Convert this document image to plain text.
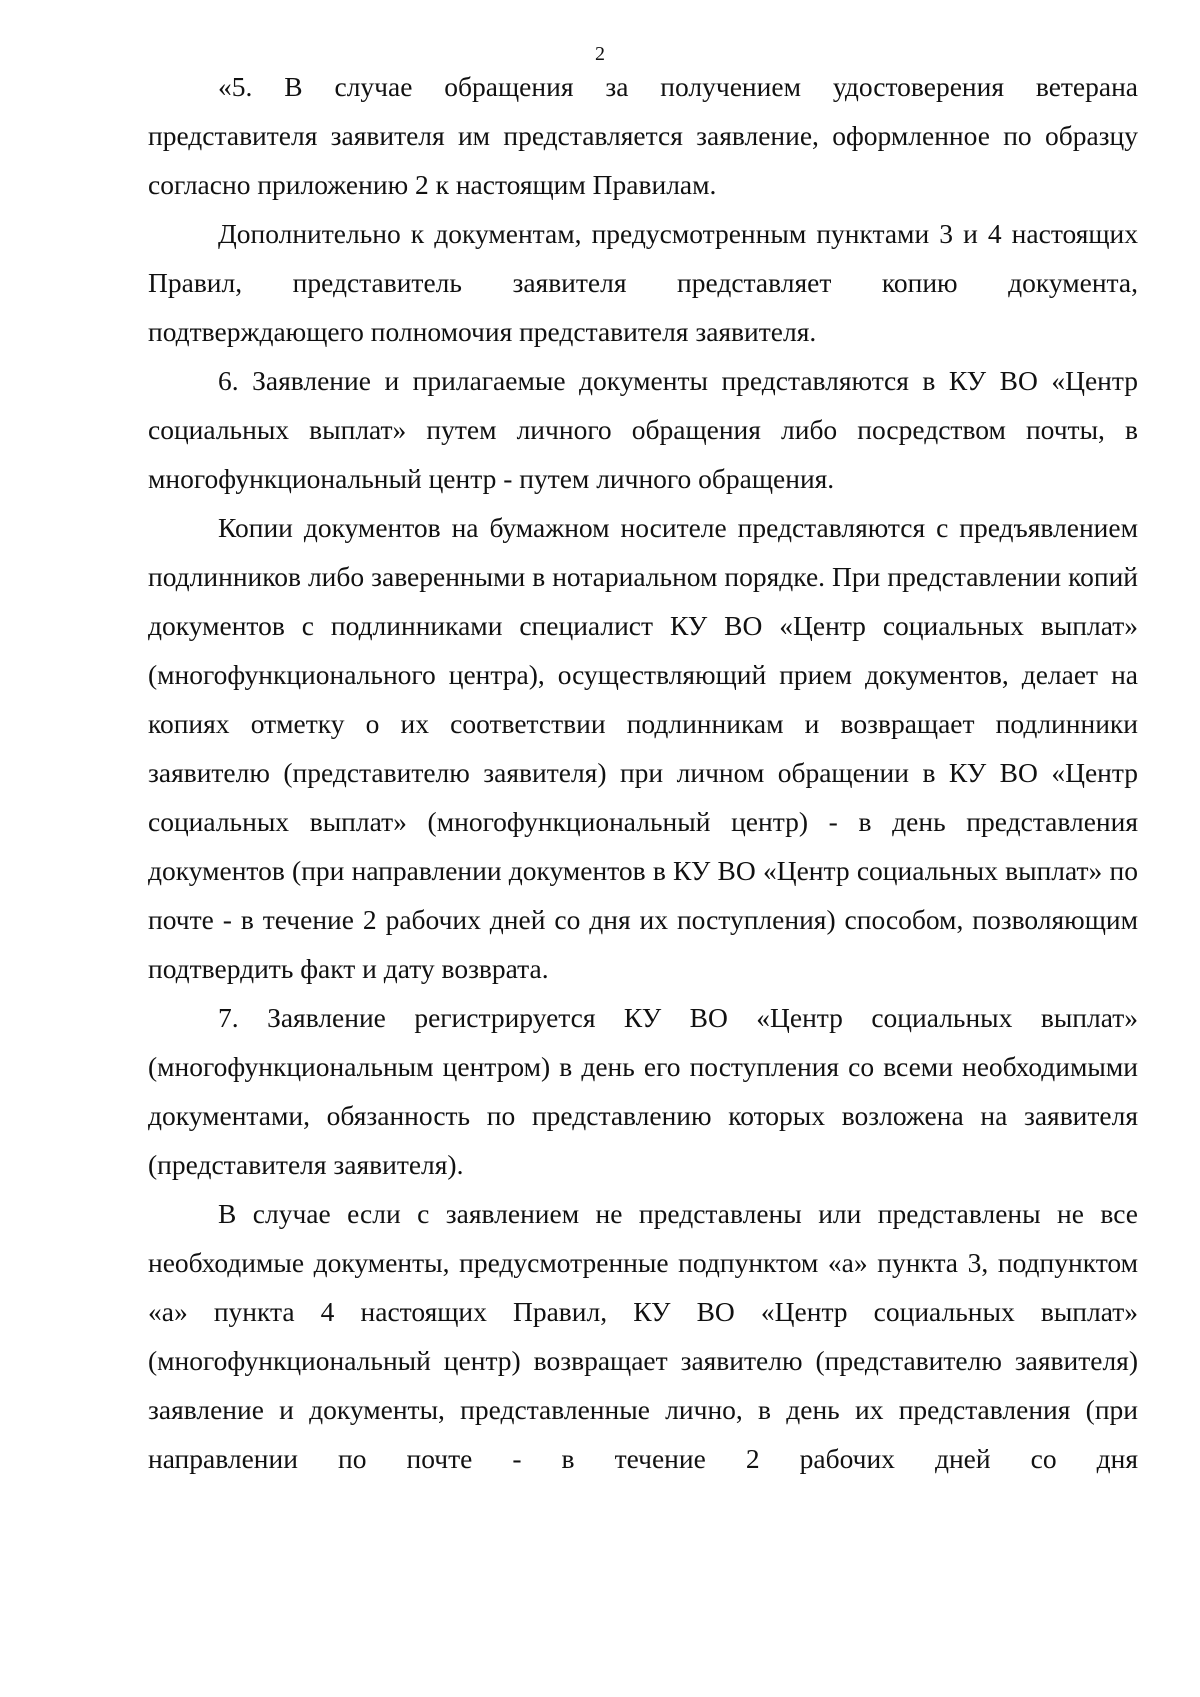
2

«5. В случае обращения за получением удостоверения ветерана представителя заявителя им представляется заявление, оформленное по образцу согласно приложению 2 к настоящим Правилам.

Дополнительно к документам, предусмотренным пунктами 3 и 4 настоящих Правил, представитель заявителя представляет копию документа, подтверждающего полномочия представителя заявителя.

6. Заявление и прилагаемые документы представляются в КУ ВО «Центр социальных выплат» путем личного обращения либо посредством почты, в многофункциональный центр - путем личного обращения.

Копии документов на бумажном носителе представляются с предъявлением подлинников либо заверенными в нотариальном порядке. При представлении копий документов с подлинниками специалист КУ ВО «Центр социальных выплат» (многофункционального центра), осуществляющий прием документов, делает на копиях отметку о их соответствии подлинникам и возвращает подлинники заявителю (представителю заявителя) при личном обращении в КУ ВО «Центр социальных выплат» (многофункциональный центр) - в день представления документов (при направлении документов в КУ ВО «Центр социальных выплат» по почте - в течение 2 рабочих дней со дня их поступления) способом, позволяющим подтвердить факт и дату возврата.

7. Заявление регистрируется КУ ВО «Центр социальных выплат» (многофункциональным центром) в день его поступления со всеми необходимыми документами, обязанность по представлению которых возложена на заявителя (представителя заявителя).

В случае если с заявлением не представлены или представлены не все необходимые документы, предусмотренные подпунктом «а» пункта 3, подпунктом «а» пункта 4 настоящих Правил, КУ ВО «Центр социальных выплат» (многофункциональный центр) возвращает заявителю (представителю заявителя) заявление и документы, представленные лично, в день их представления (при направлении по почте - в течение 2 рабочих дней со дня
